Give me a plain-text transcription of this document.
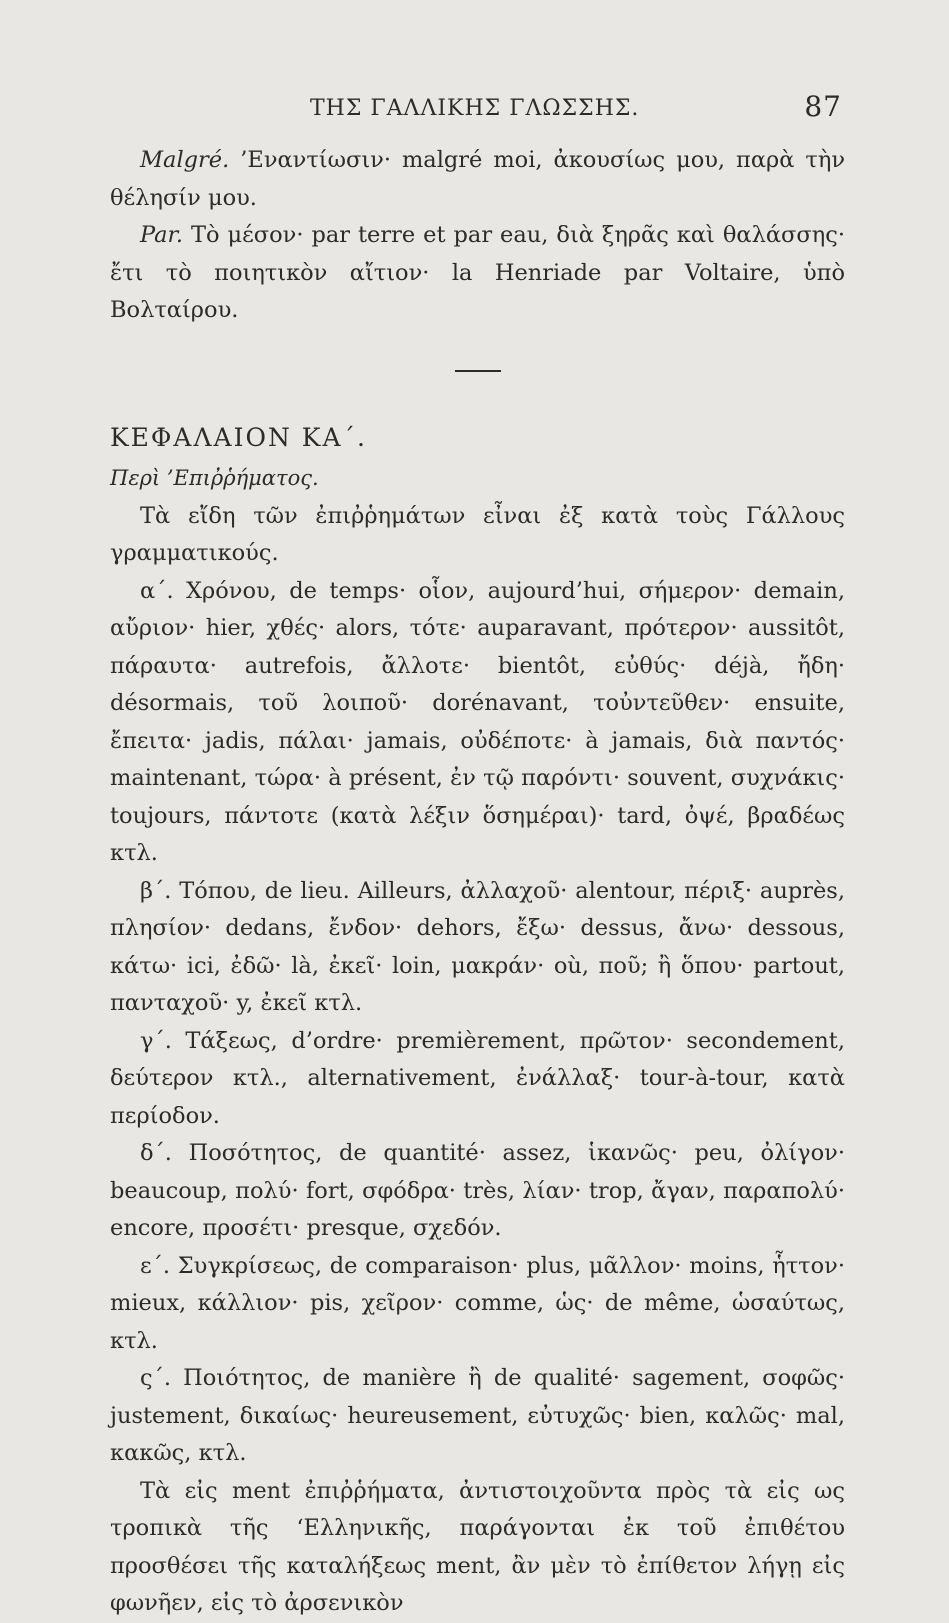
ΤΗΣ ΓΑΛΛΙΚΗΣ ΓΛΩΣΣΗΣ.	87

Malgré. ’Εναντίωσιν· malgré moi, ἀκουσίως μου, παρὰ τὴν θέλησίν μου.

Par. Τὸ μέσον· par terre et par eau, διὰ ξηρᾶς καὶ θαλάσσης· ἔτι τὸ ποιητικὸν αἴτιον· la Henriade par Voltaire, ὑπὸ Βολταίρου.

ΚΕΦΑΛΑΙΟΝ ΚΑ΄.

Περὶ ’Επιῤῥήματος.

Τὰ εἴδη τῶν ἐπιῤῥημάτων εἶναι ἐξ κατὰ τοὺς Γάλλους γραμματικούς.

α΄. Χρόνου, de temps· οἷον, aujourd’hui, σήμερον· demain, αὔριον· hier, χθές· alors, τότε· auparavant, πρότερον· aussitôt, πάραυτα· autrefois, ἄλλοτε· bientôt, εὐθύς· déjà, ἤδη· désormais, τοῦ λοιποῦ· dorénavant, τοὐντεῦθεν· ensuite, ἔπειτα· jadis, πάλαι· jamais, οὐδέποτε· à jamais, διὰ παντός· maintenant, τώρα· à présent, ἐν τῷ παρόντι· souvent, συχνάκις· toujours, πάντοτε (κατὰ λέξιν ὅσημέραι)· tard, ὀψέ, βραδέως κτλ.

β΄. Τόπου, de lieu. Ailleurs, ἀλλαχοῦ· alentour, πέριξ· auprès, πλησίον· dedans, ἔνδον· dehors, ἔξω· dessus, ἄνω· dessous, κάτω· ici, ἐδῶ· là, ἐκεῖ· loin, μακράν· où, ποῦ; ἢ ὅπου· partout, πανταχοῦ· y, ἐκεῖ κτλ.

γ΄. Τάξεως, d’ordre· premièrement, πρῶτον· secondement, δεύτερον κτλ., alternativement, ἐνάλλαξ· tour-à-tour, κατὰ περίοδον.

δ΄. Ποσότητος, de quantité· assez, ἱκανῶς· peu, ὀλίγον· beaucoup, πολύ· fort, σφόδρα· très, λίαν· trop, ἄγαν, παραπολύ· encore, προσέτι· presque, σχεδόν.

ε΄. Συγκρίσεως, de comparaison· plus, μᾶλλον· moins, ἧττον· mieux, κάλλιον· pis, χεῖρον· comme, ὡς· de même, ὡσαύτως, κτλ.

ς΄. Ποιότητος, de manière ἢ de qualité· sagement, σοφῶς· justement, δικαίως· heureusement, εὐτυχῶς· bien, καλῶς· mal, κακῶς, κτλ.

Τὰ εἰς ment ἐπιῤῥήματα, ἀντιστοιχοῦντα πρὸς τὰ εἰς ως τροπικὰ τῆς ‘Ελληνικῆς, παράγονται ἐκ τοῦ ἐπιθέτου προσθέσει τῆς καταλήξεως ment, ἂν μὲν τὸ ἐπίθετον λήγῃ εἰς φωνῆεν, εἰς τὸ ἀρσενικὸν
